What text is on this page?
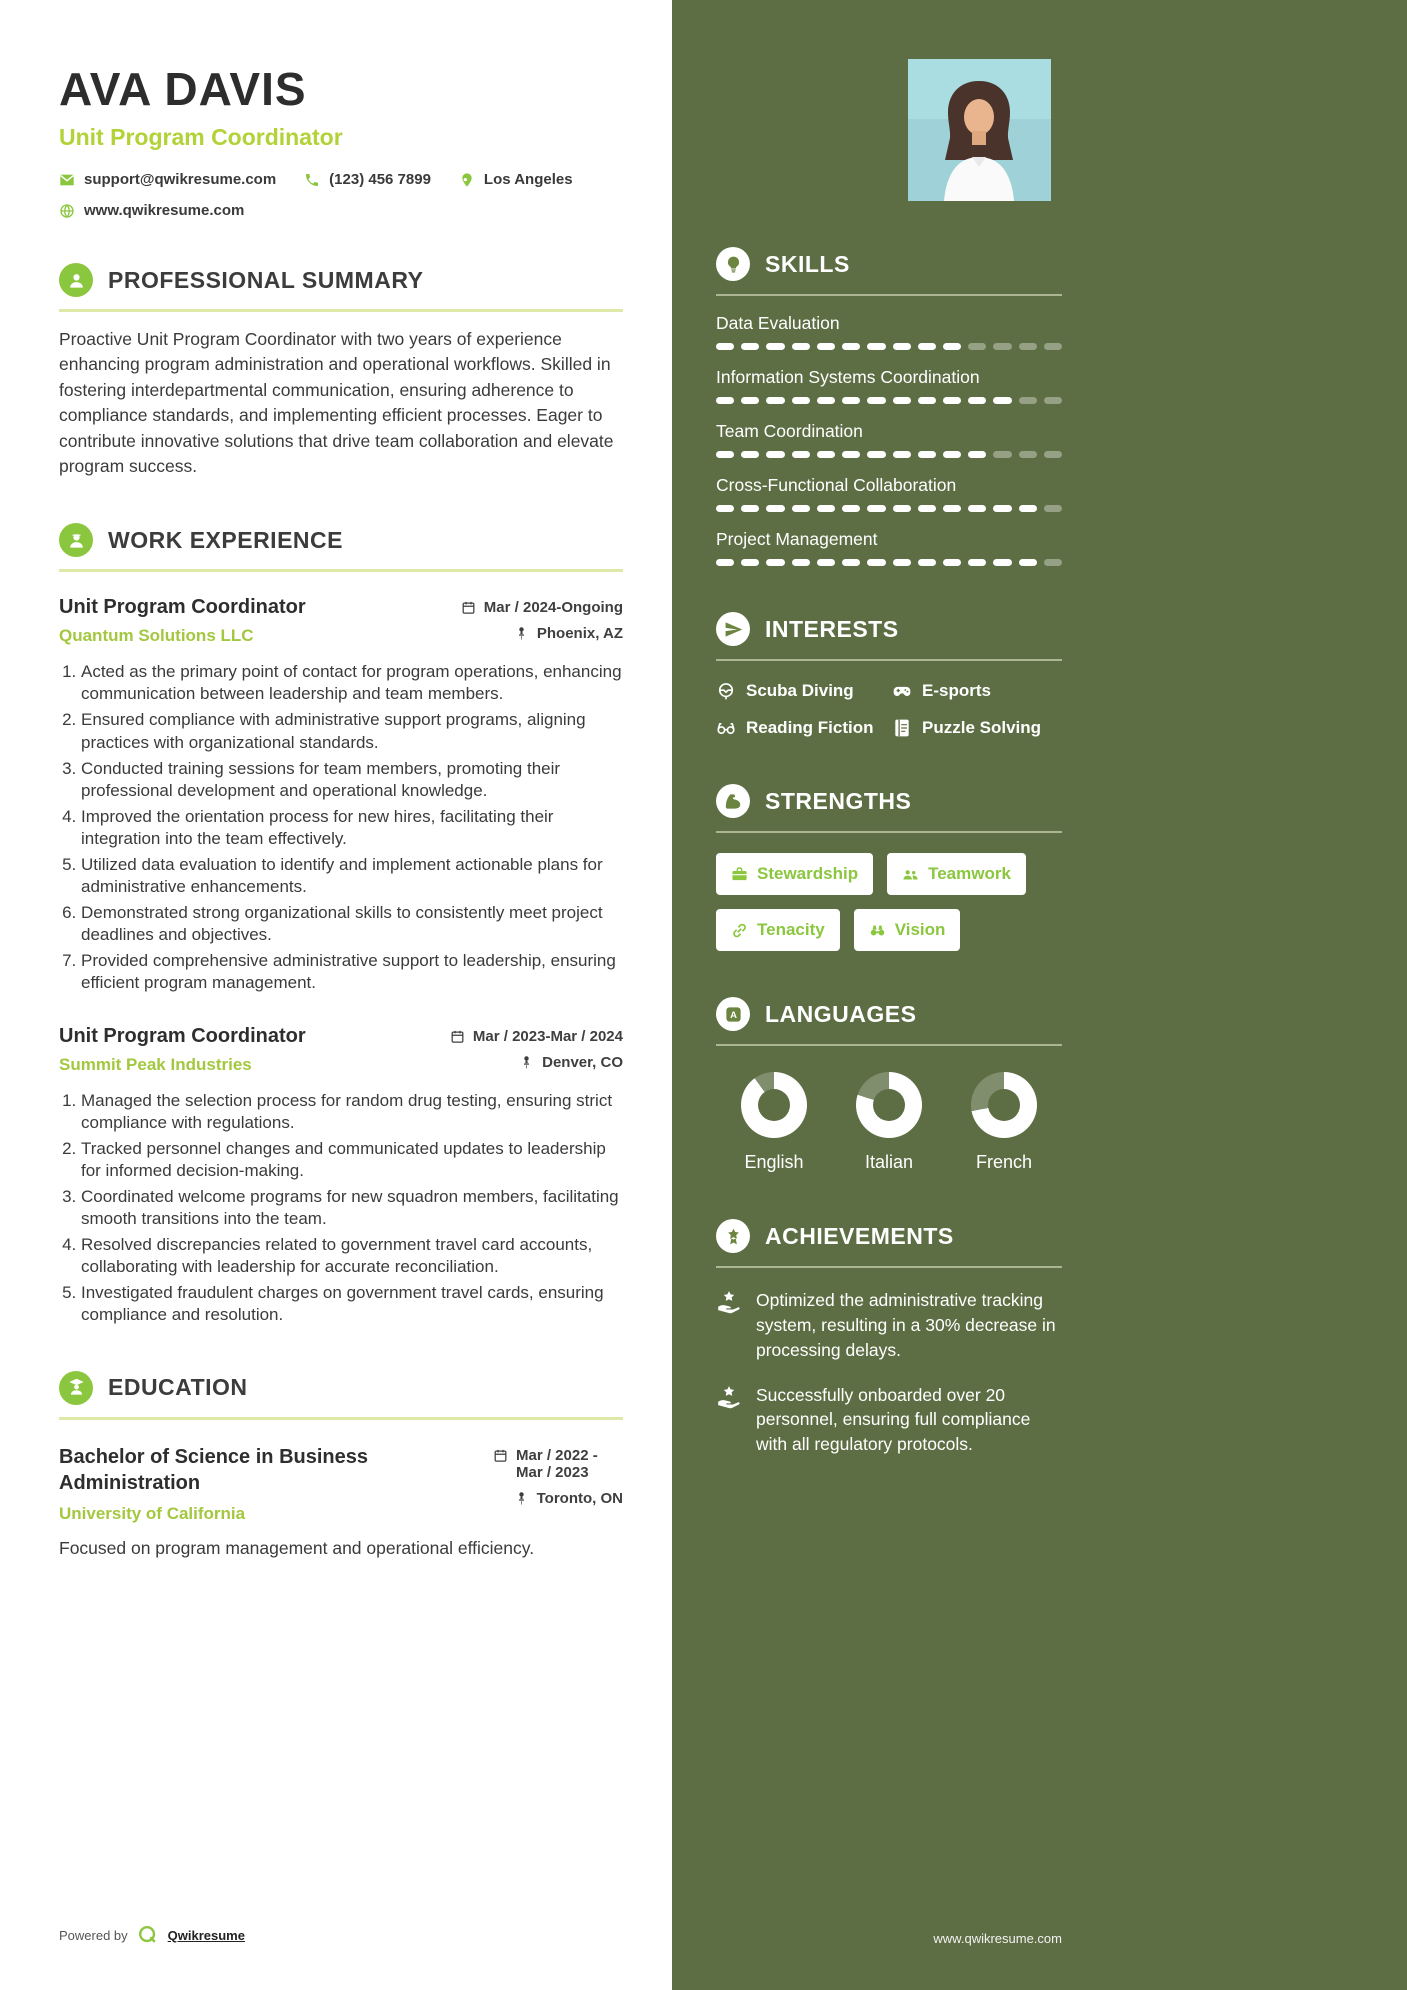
AVA DAVIS
Unit Program Coordinator
support@qwikresume.com	(123) 456 7899	Los Angeles
www.qwikresume.com
PROFESSIONAL SUMMARY

Proactive Unit Program Coordinator with two years of experience enhancing program administration and operational workflows. Skilled in fostering interdepartmental communication, ensuring adherence to compliance standards, and implementing efficient processes. Eager to contribute innovative solutions that drive team collaboration and elevate program success.

WORK EXPERIENCE
Unit Program Coordinator
Quantum Solutions LLC
Mar / 2024-Ongoing
Phoenix, AZ
1. Acted as the primary point of contact for program operations, enhancing communication between leadership and team members.
2. Ensured compliance with administrative support programs, aligning practices with organizational standards.
3. Conducted training sessions for team members, promoting their professional development and operational knowledge.
4. Improved the orientation process for new hires, facilitating their integration into the team effectively.
5. Utilized data evaluation to identify and implement actionable plans for administrative enhancements.
6. Demonstrated strong organizational skills to consistently meet project deadlines and objectives.
7. Provided comprehensive administrative support to leadership, ensuring efficient program management.
Unit Program Coordinator
Summit Peak Industries
Mar / 2023-Mar / 2024
Denver, CO
1. Managed the selection process for random drug testing, ensuring strict compliance with regulations.
2. Tracked personnel changes and communicated updates to leadership for informed decision-making.
3. Coordinated welcome programs for new squadron members, facilitating smooth transitions into the team.
4. Resolved discrepancies related to government travel card accounts, collaborating with leadership for accurate reconciliation.
5. Investigated fraudulent charges on government travel cards, ensuring compliance and resolution.
EDUCATION
Bachelor of Science in Business Administration
University of California
Mar / 2022 - Mar / 2023
Toronto, ON

Focused on program management and operational efficiency.

Powered by	Qwikresume
SKILLS
Data Evaluation
Information Systems Coordination
Team Coordination
Cross-Functional Collaboration
Project Management
INTERESTS
Scuba Diving	E-sports
Reading Fiction	Puzzle Solving
STRENGTHS
Stewardship	Teamwork
Tenacity	Vision
A LANGUAGES
English	Italian	French
ACHIEVEMENTS
Optimized the administrative tracking system, resulting in a 30% decrease in processing delays.
Successfully onboarded over 20 personnel, ensuring full compliance with all regulatory protocols.
www.qwikresume.com
